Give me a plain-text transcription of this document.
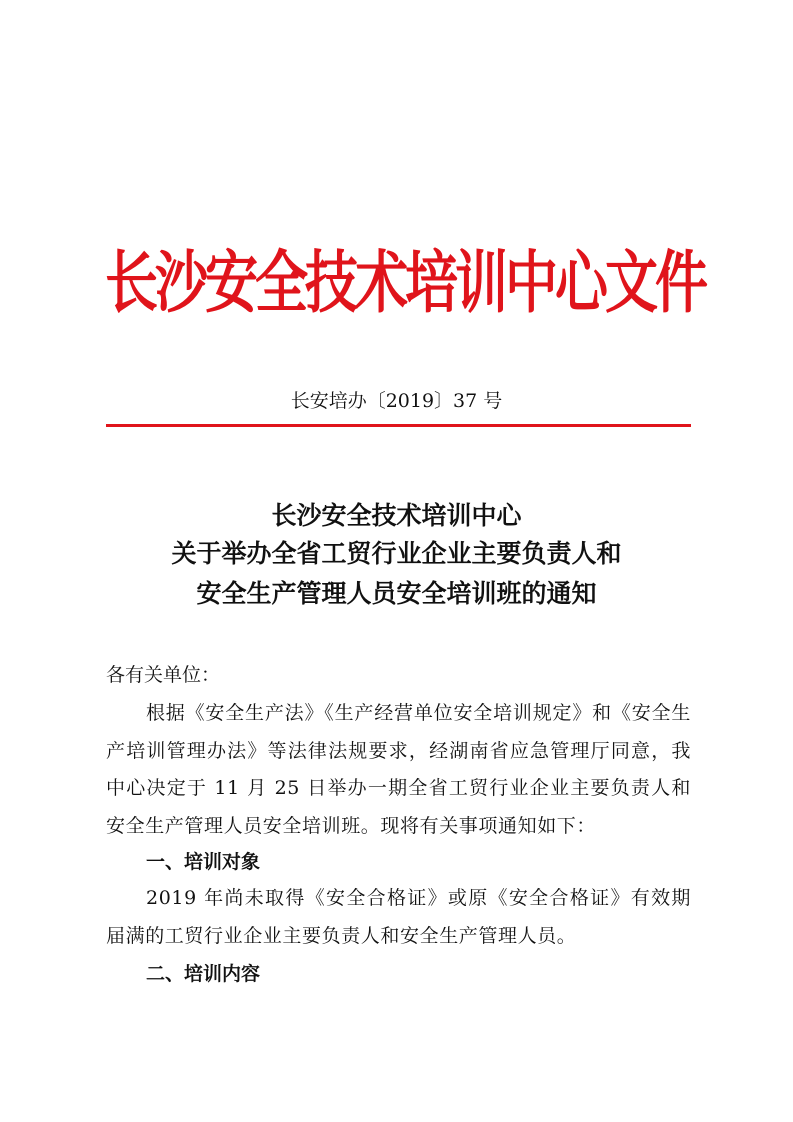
长沙安全技术培训中心文件
长安培办〔2019〕37 号
长沙安全技术培训中心
关于举办全省工贸行业企业主要负责人和
安全生产管理人员安全培训班的通知
各有关单位：
根据《安全生产法》《生产经营单位安全培训规定》和《安全生产培训管理办法》等法律法规要求，经湖南省应急管理厅同意，我中心决定于 11 月 25 日举办一期全省工贸行业企业主要负责人和安全生产管理人员安全培训班。现将有关事项通知如下：
一、培训对象
2019 年尚未取得《安全合格证》或原《安全合格证》有效期届满的工贸行业企业主要负责人和安全生产管理人员。
二、培训内容
